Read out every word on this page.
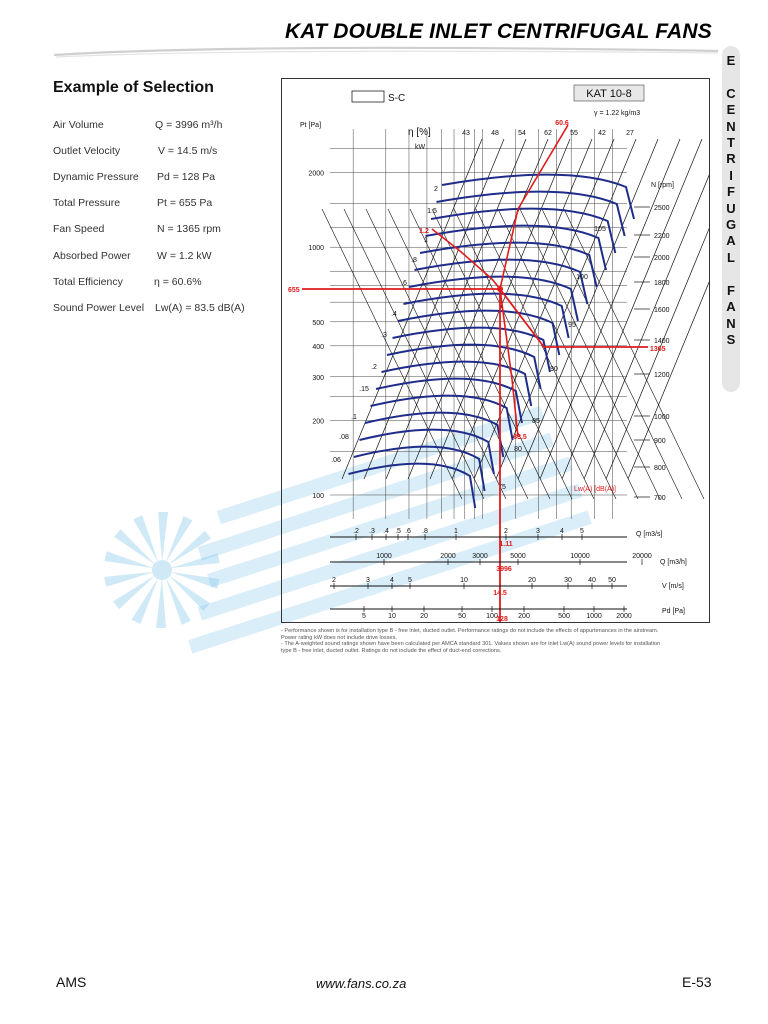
KAT DOUBLE INLET CENTRIFUGAL FANS
E

C
E
N
T
R
I
F
U
G
A
L

F
A
N
S
Example of Selection
Air Volume	Q = 3996 m³/h
Outlet Velocity	V = 14.5 m/s
Dynamic Pressure Pd = 128 Pa
Total Pressure	Pt = 655 Pa
Fan Speed	N = 1365 rpm
Absorbed Power	W = 1.2 kW
Total Efficiency	η = 60.6%
Sound Power Level Lw(A) = 83.5 dB(A)
2000
1000
500
400
300
200
100
Pt [Pa]
KAT 10-8
S-C
γ = 1.22 kg/m3
η [%]	43	48	54	62	55	42	27
60.6
kW
2
1.5
1
.8
.6
.4
.3
.2
.15
.1
.08
.06
1.2	105
100
95
90
85
80
75
83.5
Lw(A) [dB(A)]
2500
2200
2000
1800
1600
1400
1200
1000
900
800
700
N [rpm]
655
1365
.2 .3 .4 .5 .6 .8	1	2	3	4 5	Q [m3/s]
1.11
1000	2000 3000	5000	10000	20000
Q [m3/h]
3996
2	3	4 5	10	20	30 40 50
V [m/s]
14.5
5	10	20	50	100	200	500 1000 2000
Pd [Pa]
128
- Performance shown is for installation type B - free inlet, ducted outlet. Performance ratings do not include the effects of appurtenances in the airstream.
Power rating kW does not include drive losses.
- The A-weighted sound ratings shown have been calculated per AMCA standard 301. Values shown are for inlet Lw(A) sound power levels for installation
type B - free inlet, ducted outlet. Ratings do not include the effect of duct-end corrections.
AMS	www.fans.co.za	E-53
